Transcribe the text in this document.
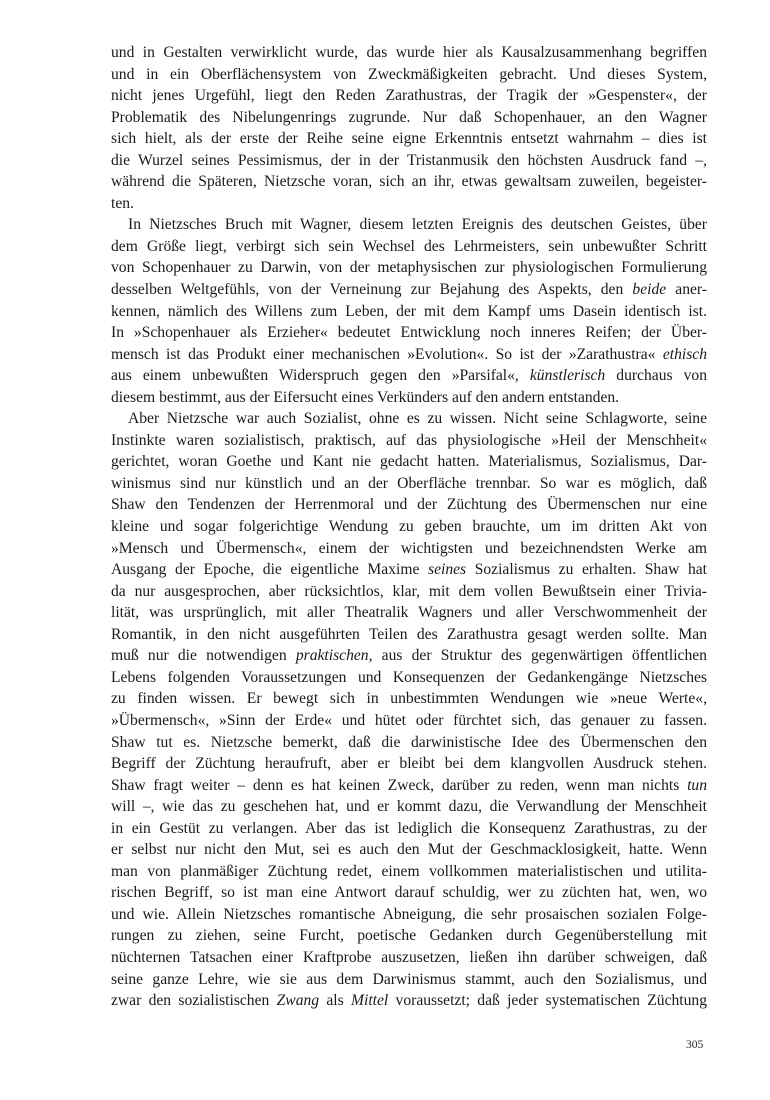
und in Gestalten verwirklicht wurde, das wurde hier als Kausalzusammenhang begriffen
und in ein Oberflächensystem von Zweckmäßigkeiten gebracht. Und dieses System,
nicht jenes Urgefühl, liegt den Reden Zarathustras, der Tragik der »Gespenster«, der
Problematik des Nibelungenrings zugrunde. Nur daß Schopenhauer, an den Wagner
sich hielt, als der erste der Reihe seine eigne Erkenntnis entsetzt wahrnahm – dies ist
die Wurzel seines Pessimismus, der in der Tristanmusik den höchsten Ausdruck fand –,
während die Späteren, Nietzsche voran, sich an ihr, etwas gewaltsam zuweilen, begeister-
ten.
In Nietzsches Bruch mit Wagner, diesem letzten Ereignis des deutschen Geistes, über
dem Größe liegt, verbirgt sich sein Wechsel des Lehrmeisters, sein unbewußter Schritt
von Schopenhauer zu Darwin, von der metaphysischen zur physiologischen Formulierung
desselben Weltgefühls, von der Verneinung zur Bejahung des Aspekts, den beide aner-
kennen, nämlich des Willens zum Leben, der mit dem Kampf ums Dasein identisch ist.
In »Schopenhauer als Erzieher« bedeutet Entwicklung noch inneres Reifen; der Über-
mensch ist das Produkt einer mechanischen »Evolution«. So ist der »Zarathustra« ethisch
aus einem unbewußten Widerspruch gegen den »Parsifal«, künstlerisch durchaus von
diesem bestimmt, aus der Eifersucht eines Verkünders auf den andern entstanden.
Aber Nietzsche war auch Sozialist, ohne es zu wissen. Nicht seine Schlagworte, seine
Instinkte waren sozialistisch, praktisch, auf das physiologische »Heil der Menschheit«
gerichtet, woran Goethe und Kant nie gedacht hatten. Materialismus, Sozialismus, Dar-
winismus sind nur künstlich und an der Oberfläche trennbar. So war es möglich, daß
Shaw den Tendenzen der Herrenmoral und der Züchtung des Übermenschen nur eine
kleine und sogar folgerichtige Wendung zu geben brauchte, um im dritten Akt von
»Mensch und Übermensch«, einem der wichtigsten und bezeichnendsten Werke am
Ausgang der Epoche, die eigentliche Maxime seines Sozialismus zu erhalten. Shaw hat
da nur ausgesprochen, aber rücksichtlos, klar, mit dem vollen Bewußtsein einer Trivia-
lität, was ursprünglich, mit aller Theatralik Wagners und aller Verschwommenheit der
Romantik, in den nicht ausgeführten Teilen des Zarathustra gesagt werden sollte. Man
muß nur die notwendigen praktischen, aus der Struktur des gegenwärtigen öffentlichen
Lebens folgenden Voraussetzungen und Konsequenzen der Gedankengänge Nietzsches
zu finden wissen. Er bewegt sich in unbestimmten Wendungen wie »neue Werte«,
»Übermensch«, »Sinn der Erde« und hütet oder fürchtet sich, das genauer zu fassen.
Shaw tut es. Nietzsche bemerkt, daß die darwinistische Idee des Übermenschen den
Begriff der Züchtung heraufruft, aber er bleibt bei dem klangvollen Ausdruck stehen.
Shaw fragt weiter – denn es hat keinen Zweck, darüber zu reden, wenn man nichts tun
will –, wie das zu geschehen hat, und er kommt dazu, die Verwandlung der Menschheit
in ein Gestüt zu verlangen. Aber das ist lediglich die Konsequenz Zarathustras, zu der
er selbst nur nicht den Mut, sei es auch den Mut der Geschmacklosigkeit, hatte. Wenn
man von planmäßiger Züchtung redet, einem vollkommen materialistischen und utilita-
rischen Begriff, so ist man eine Antwort darauf schuldig, wer zu züchten hat, wen, wo
und wie. Allein Nietzsches romantische Abneigung, die sehr prosaischen sozialen Folge-
rungen zu ziehen, seine Furcht, poetische Gedanken durch Gegenüberstellung mit
nüchternen Tatsachen einer Kraftprobe auszusetzen, ließen ihn darüber schweigen, daß
seine ganze Lehre, wie sie aus dem Darwinismus stammt, auch den Sozialismus, und
zwar den sozialistischen Zwang als Mittel voraussetzt; daß jeder systematischen Züchtung
305
